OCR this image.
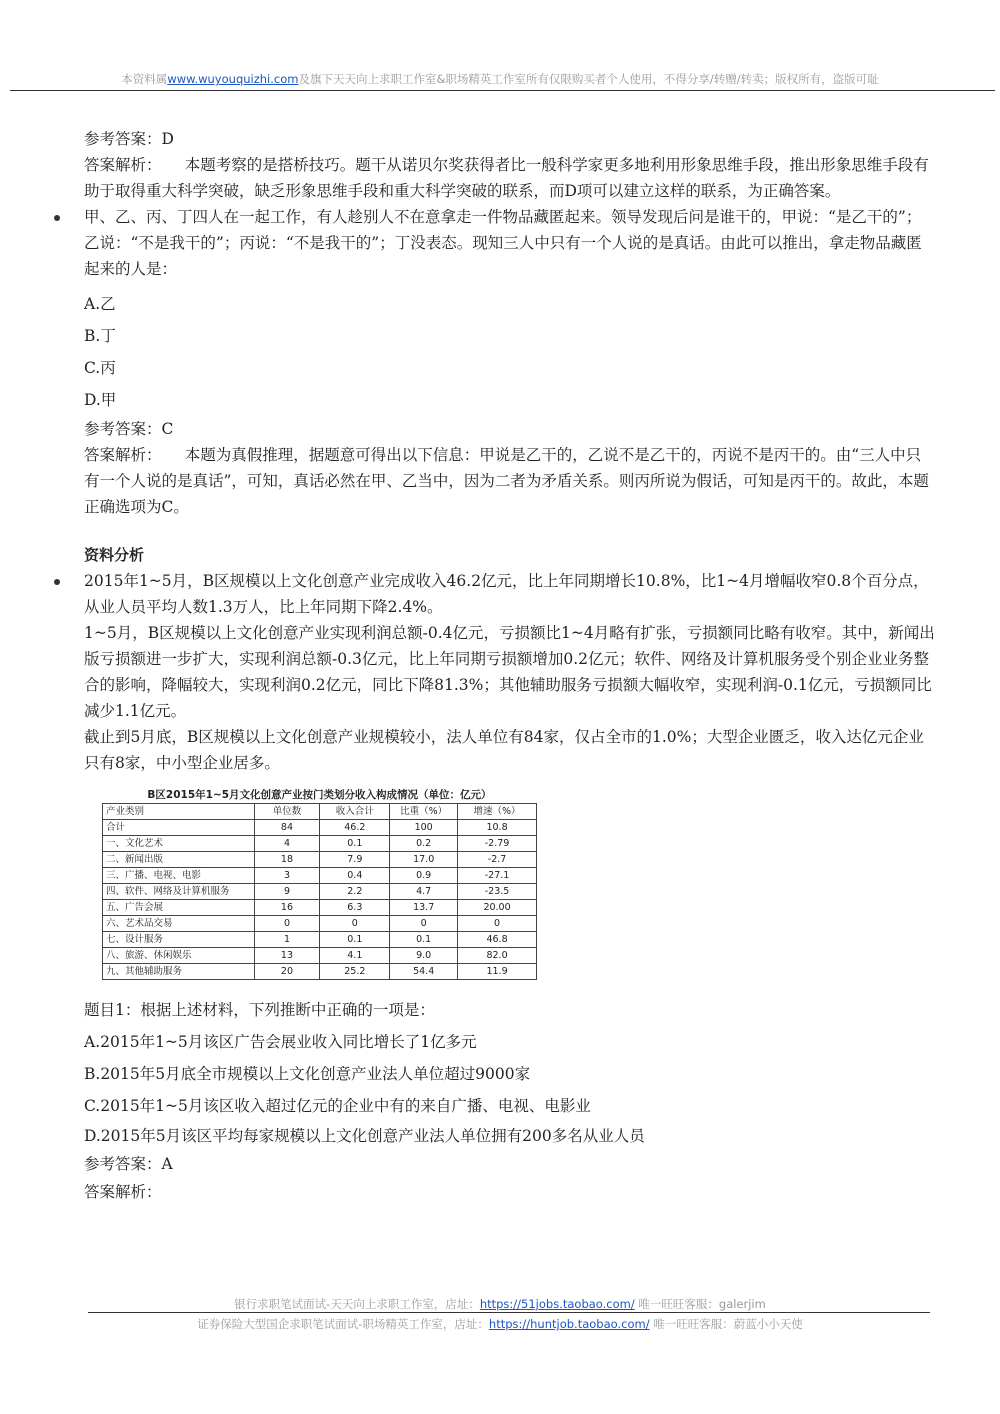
本资料属www.wuyouquizhi.com及旗下天天向上求职工作室&职场精英工作室所有仅限购买者个人使用，不得分享/转赠/转卖；版权所有，盗版可耻

参考答案：D

答案解析：　　本题考察的是搭桥技巧。题干从诺贝尔奖获得者比一般科学家更多地利用形象思维手段，推出形象思维手段有助于取得重大科学突破，缺乏形象思维手段和重大科学突破的联系，而D项可以建立这样的联系，为正确答案。

甲、乙、丙、丁四人在一起工作，有人趁别人不在意拿走一件物品藏匿起来。领导发现后问是谁干的，甲说：“是乙干的”；乙说：“不是我干的”；丙说：“不是我干的”；丁没表态。现知三人中只有一个人说的是真话。由此可以推出，拿走物品藏匿起来的人是：

A.乙

B.丁

C.丙

D.甲

参考答案：C

答案解析：　　本题为真假推理，据题意可得出以下信息：甲说是乙干的，乙说不是乙干的，丙说不是丙干的。由“三人中只有一个人说的是真话”，可知，真话必然在甲、乙当中，因为二者为矛盾关系。则丙所说为假话，可知是丙干的。故此，本题正确选项为C。

资料分析

2015年1~5月，B区规模以上文化创意产业完成收入46.2亿元，比上年同期增长10.8%，比1~4月增幅收窄0.8个百分点，从业人员平均人数1.3万人，比上年同期下降2.4%。

1~5月，B区规模以上文化创意产业实现利润总额-0.4亿元，亏损额比1~4月略有扩张，亏损额同比略有收窄。其中，新闻出版亏损额进一步扩大，实现利润总额-0.3亿元，比上年同期亏损额增加0.2亿元；软件、网络及计算机服务受个别企业业务整合的影响，降幅较大，实现利润0.2亿元，同比下降81.3%；其他辅助服务亏损额大幅收窄，实现利润-0.1亿元，亏损额同比减少1.1亿元。

截止到5月底，B区规模以上文化创意产业规模较小，法人单位有84家，仅占全市的1.0%；大型企业匮乏，收入达亿元企业只有8家，中小型企业居多。

B区2015年1~5月文化创意产业按门类划分收入构成情况（单位：亿元）
产业类别	单位数	收入合计	比重（%）	增速（%）
合计	84	46.2	100	10.8
一、文化艺术	4	0.1	0.2	-2.79
二、新闻出版	18	7.9	17.0	-2.7
三、广播、电视、电影	3	0.4	0.9	-27.1
四、软件、网络及计算机服务	9	2.2	4.7	-23.5
五、广告会展	16	6.3	13.7	20.00
六、艺术品交易	0	0	0	0
七、设计服务	1	0.1	0.1	46.8
八、旅游、休闲娱乐	13	4.1	9.0	82.0
九、其他辅助服务	20	25.2	54.4	11.9

题目1：根据上述材料，下列推断中正确的一项是：

A.2015年1~5月该区广告会展业收入同比增长了1亿多元

B.2015年5月底全市规模以上文化创意产业法人单位超过9000家

C.2015年1~5月该区收入超过亿元的企业中有的来自广播、电视、电影业

D.2015年5月该区平均每家规模以上文化创意产业法人单位拥有200多名从业人员

参考答案：A

答案解析：

银行求职笔试面试-天天向上求职工作室，店址：https://51jobs.taobao.com/ 唯一旺旺客服：galerjim
证券保险大型国企求职笔试面试-职场精英工作室，店址：https://huntjob.taobao.com/ 唯一旺旺客服：蔚蓝小小天使
